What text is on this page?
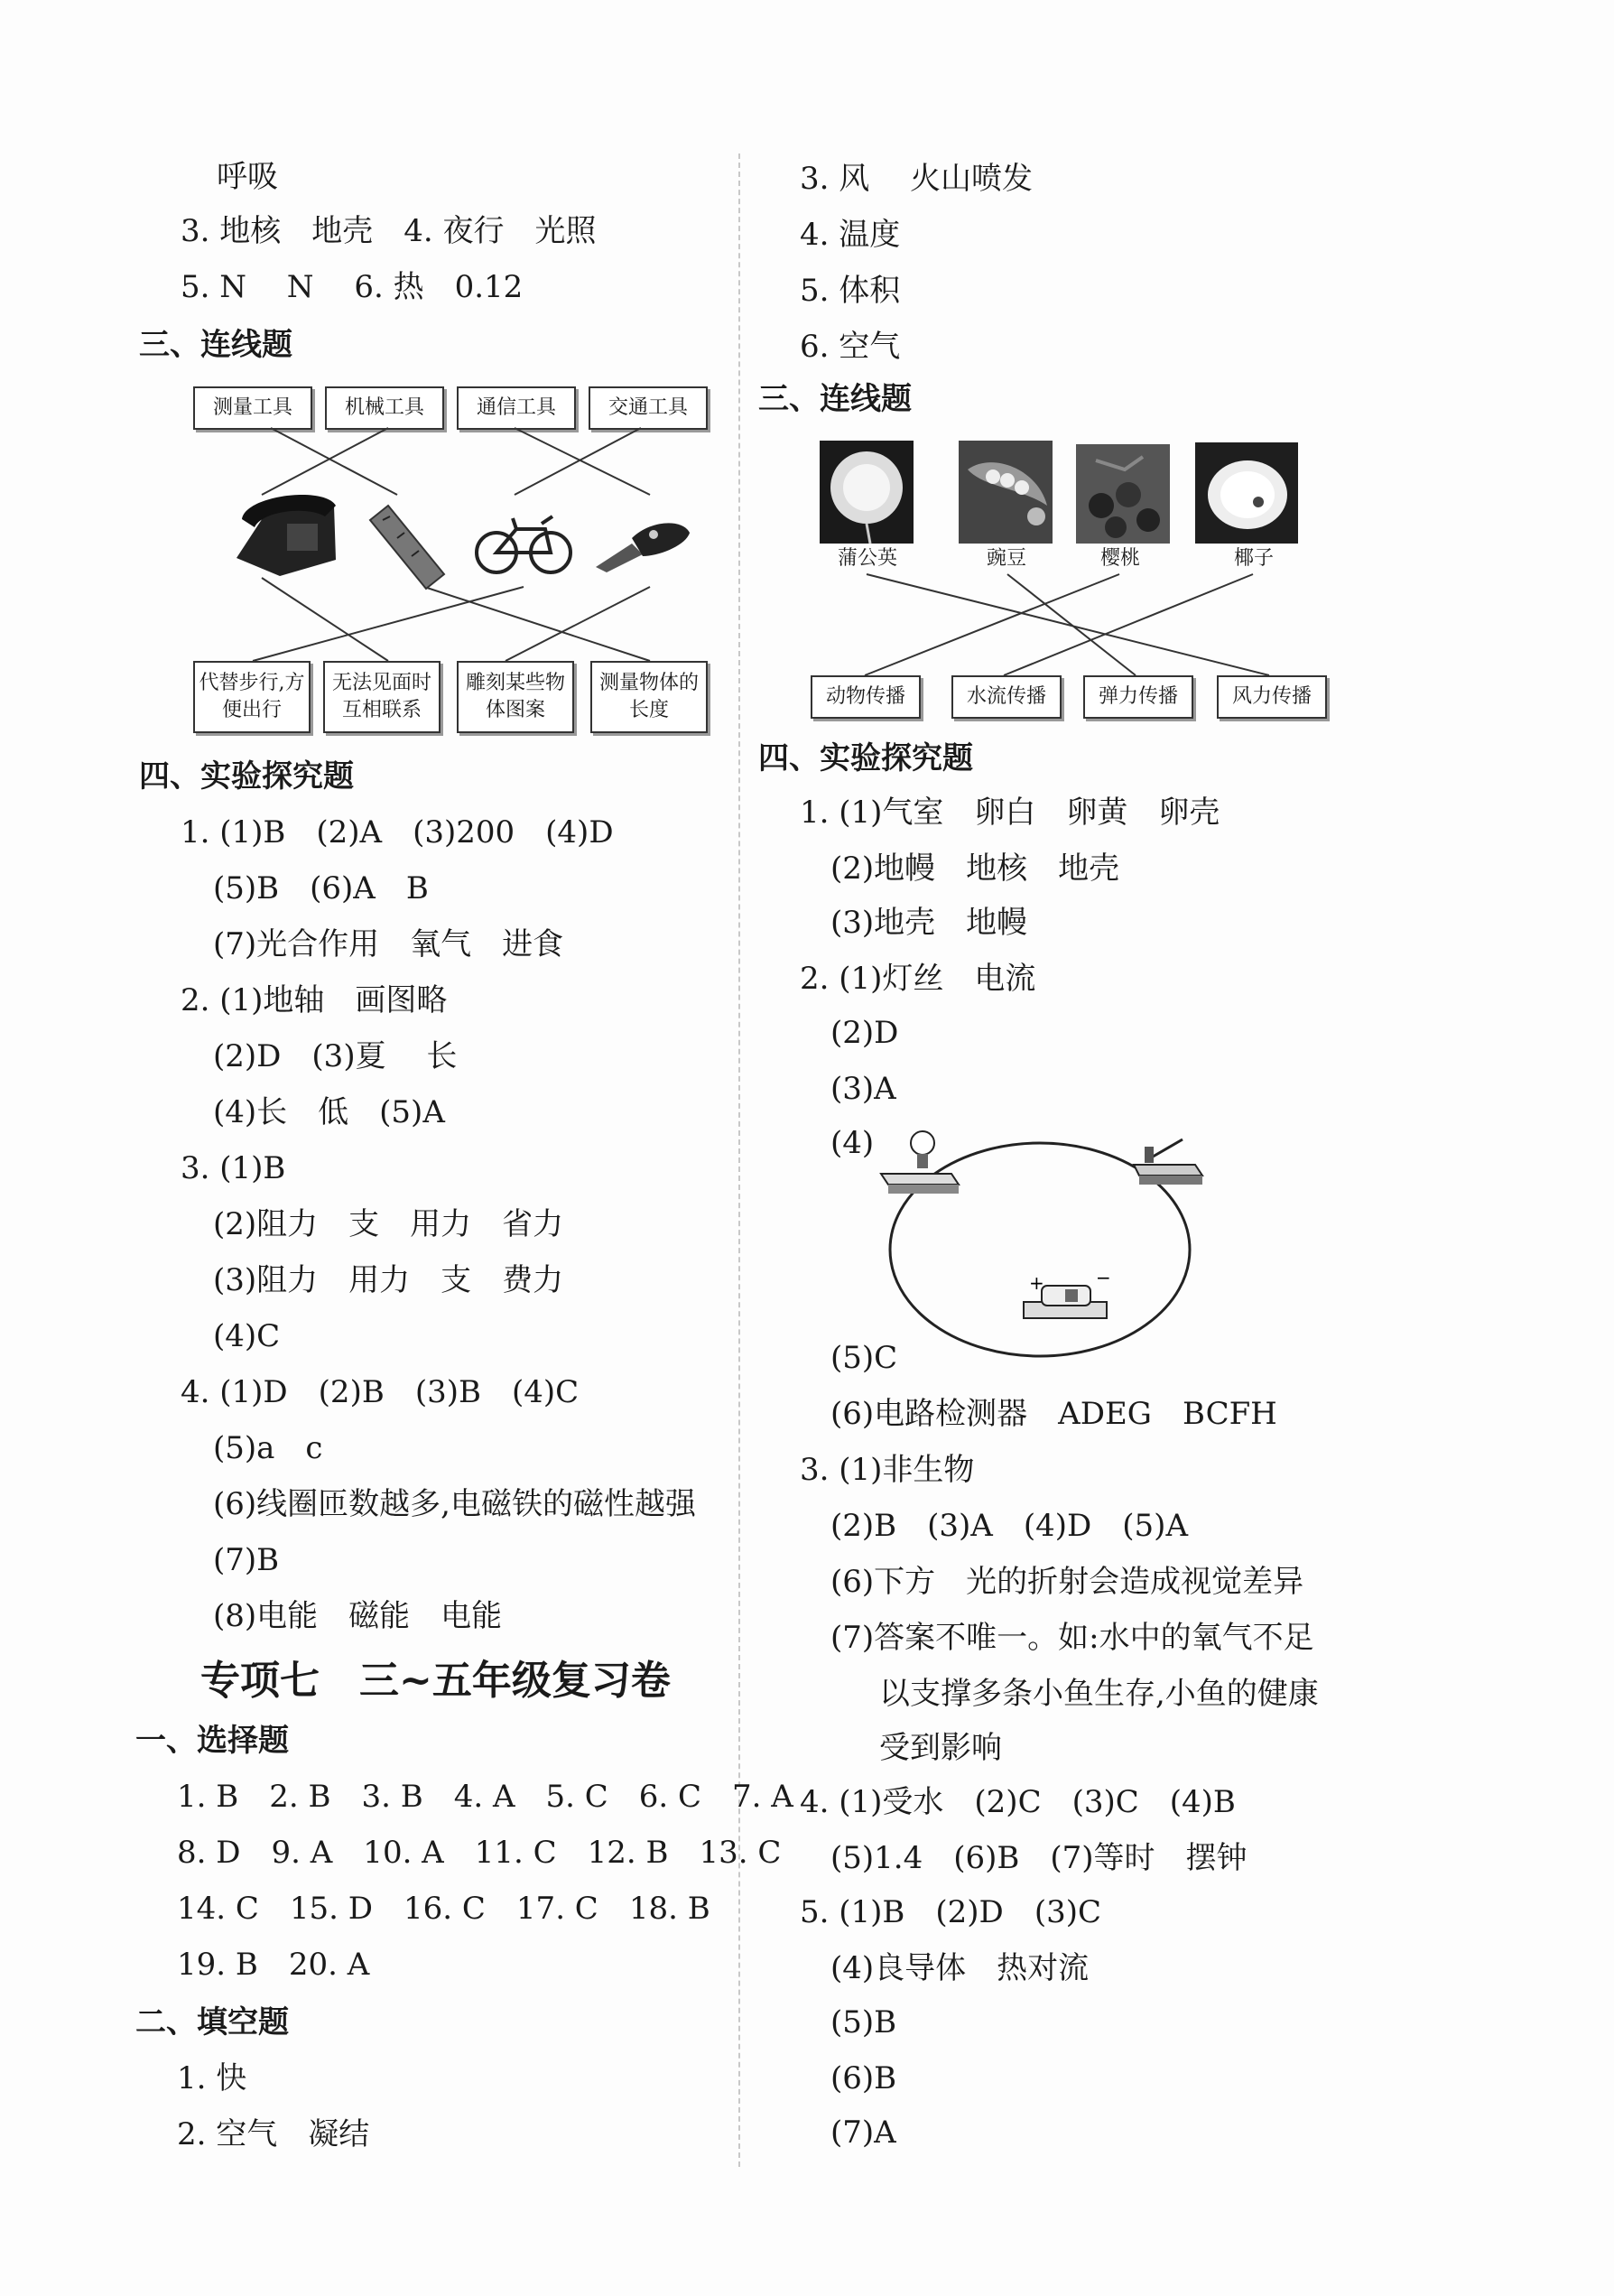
呼吸
3. 地核　地壳　4. 夜行　光照
5. N　 N　 6. 热　0.12
三、连线题
测量工具	机械工具	通信工具	交通工具
代替步行,方便出行
无法见面时互相联系
雕刻某些物体图案
测量物体的长度
四、实验探究题
1. (1)B　(2)A　(3)200　(4)D
(5)B　(6)A　B
(7)光合作用　氧气　进食
2. (1)地轴　画图略
(2)D　(3)夏　 长
(4)长　低　(5)A
3. (1)B
(2)阻力　支　用力　省力
(3)阻力　用力　支　费力
(4)C
4. (1)D　(2)B　(3)B　(4)C
(5)a　c
(6)线圈匝数越多,电磁铁的磁性越强
(7)B
(8)电能　磁能　电能
专项七　三~五年级复习卷
一、选择题
1. B　2. B　3. B　4. A　5. C　6. C　7. A
8. D　9. A　10. A　11. C　12. B　13. C
14. C　15. D　16. C　17. C　18. B
19. B　20. A
二、填空题
1. 快
2. 空气　凝结
3. 风　 火山喷发
4. 温度
5. 体积
6. 空气
三、连线题
蒲公英	豌豆	樱桃	椰子
动物传播	水流传播	弹力传播	风力传播
四、实验探究题
1. (1)气室　卵白　卵黄　卵壳
(2)地幔　地核　地壳
(3)地壳　地幔
2. (1)灯丝　电流
(2)D
(3)A
(4)
(5)C
(6)电路检测器　ADEG　BCFH
3. (1)非生物
(2)B　(3)A　(4)D　(5)A
(6)下方　光的折射会造成视觉差异
(7)答案不唯一。如:水中的氧气不足
以支撑多条小鱼生存,小鱼的健康
受到影响
4. (1)受水　(2)C　(3)C　(4)B
(5)1.4　(6)B　(7)等时　摆钟
5. (1)B　(2)D　(3)C
(4)良导体　热对流
(5)B
(6)B
(7)A
+	−
